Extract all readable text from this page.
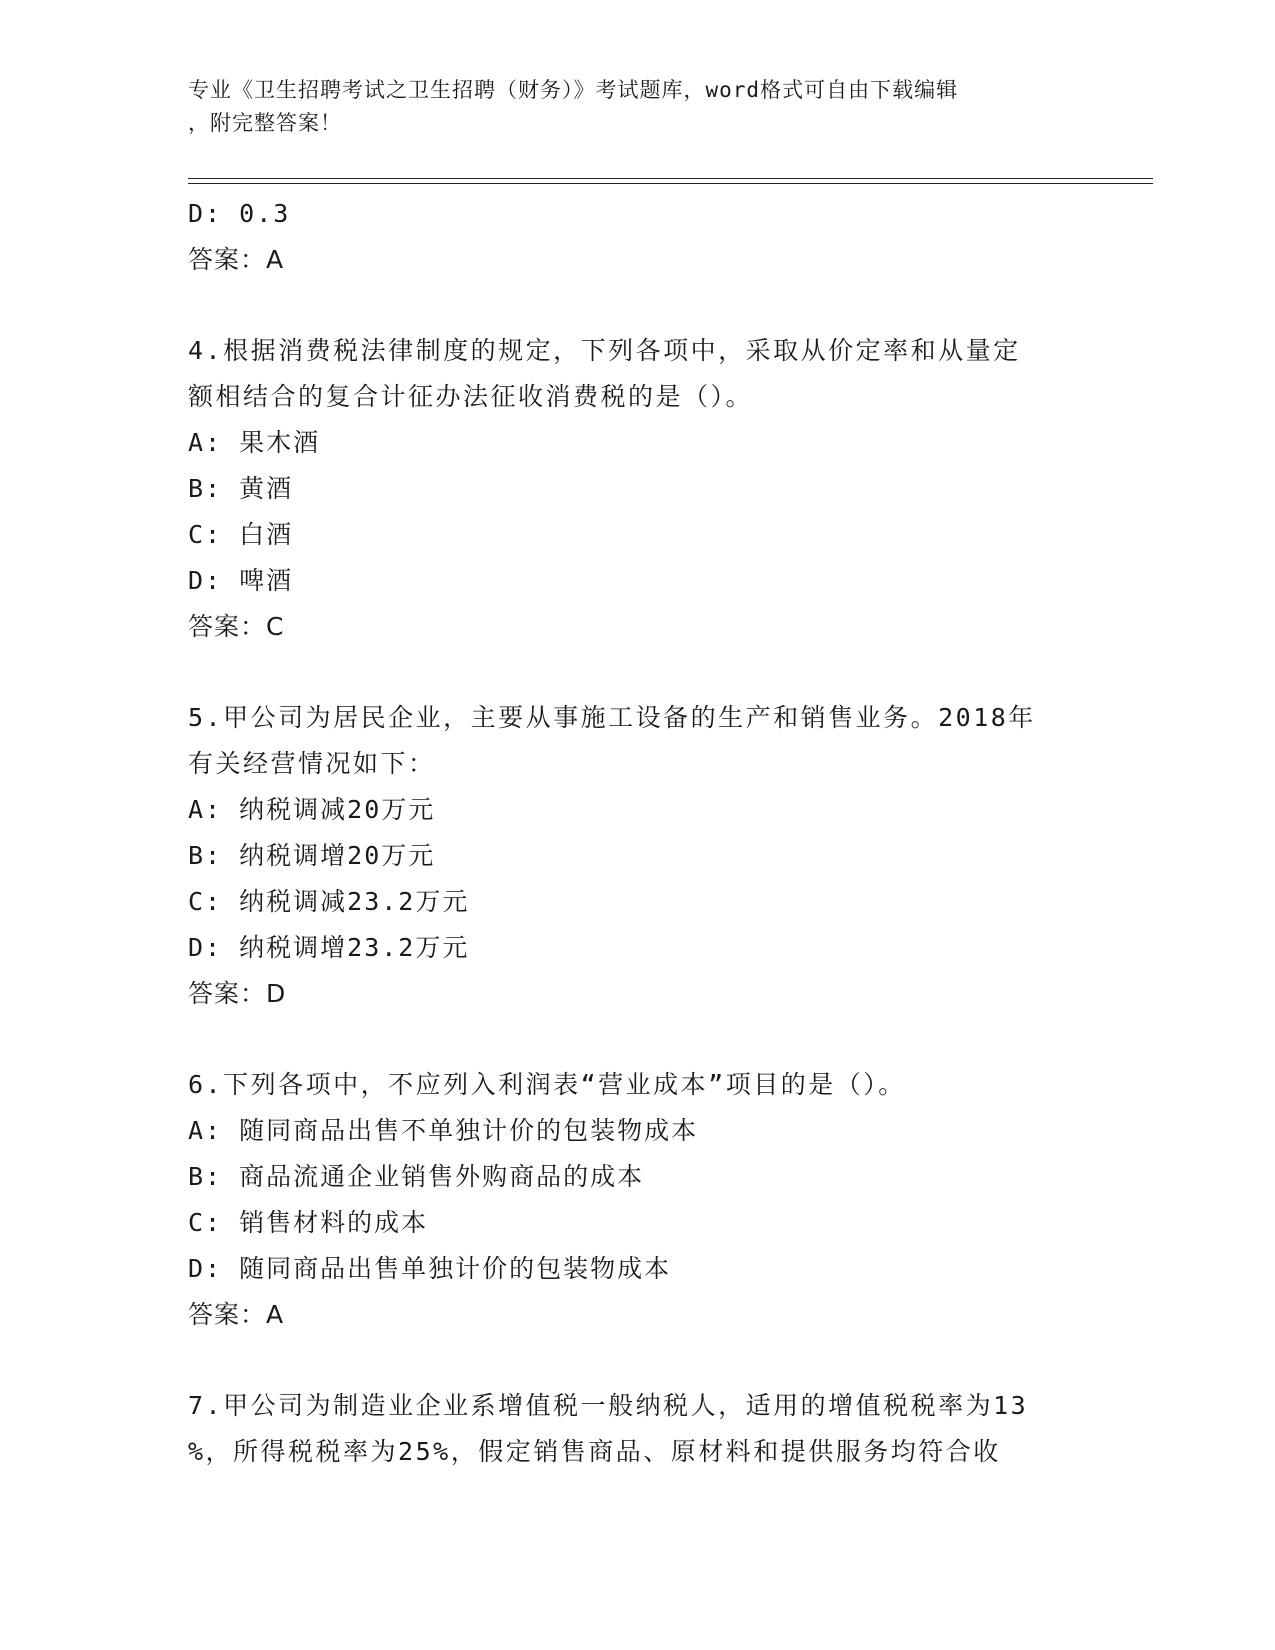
专业《卫生招聘考试之卫生招聘（财务）》考试题库，word格式可自由下载编辑
，附完整答案！
D: 0.3
答案：A
4.根据消费税法律制度的规定，下列各项中，采取从价定率和从量定
额相结合的复合计征办法征收消费税的是（）。
A: 果木酒
B: 黄酒
C: 白酒
D: 啤酒
答案：C
5.甲公司为居民企业，主要从事施工设备的生产和销售业务。2018年
有关经营情况如下：
A: 纳税调减20万元
B: 纳税调增20万元
C: 纳税调减23.2万元
D: 纳税调增23.2万元
答案：D
6.下列各项中，不应列入利润表“营业成本”项目的是（）。
A: 随同商品出售不单独计价的包装物成本
B: 商品流通企业销售外购商品的成本
C: 销售材料的成本
D: 随同商品出售单独计价的包装物成本
答案：A
7.甲公司为制造业企业系增值税一般纳税人，适用的增值税税率为13
%，所得税税率为25%，假定销售商品、原材料和提供服务均符合收
